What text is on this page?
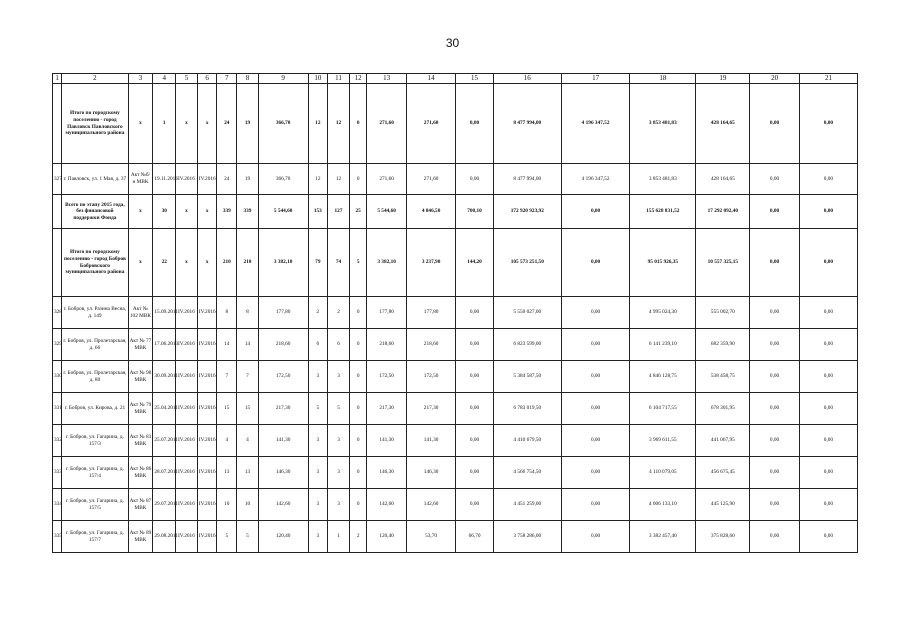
30
1	2	3	4	5	6	7	8	9	10	11	12	13	14	15	16	17	18	19	20	21
	Итого по городскому поселению - город Павловск Павловского муниципального района	x	1	x	x	24	19	366,70	12	12	0	271,60	271,60	0,00	8 477 994,00	4 196 347,52	3 853 481,83	428 164,65	0,00	0,00
327	г. Павловск, ул. 1 Мая, д. 37	Акт №б/н МВК	19.11.2016	IV.2016	IV.2016	24	19	366,70	12	12	0	271,60	271,60	0,00	8 477 994,00	4 196 347,52	3 853 481,83	428 164,65	0,00	0,00
	Всего по этапу 2015 года, без финансовой поддержки Фонда	x	30	x	x	339	339	5 544,60	153	127	25	5 544,60	4 846,50	700,10	172 920 923,92	0,00	155 628 831,52	17 292 092,40	0,00	0,00
	Итого по городскому поселению - город Бобров Бобровского муниципального района	x	22	x	x	210	210	3 382,10	79	74	5	3 382,10	3 237,90	144,20	105 573 251,50	0,00	95 015 926,35	10 557 325,15	0,00	0,00
328	г. Бобров, ул. Разина Весна, д. 149	Акт № 102 МВК	15.09.2011	IV.2016	IV.2016	8	8	177,80	2	2	0	177,80	177,80	0,00	5 550 027,00	0,00	4 995 024,30	555 002,70	0,00	0,00
329	г. Бобров, ул. Пролетарская, д. 66	Акт № 77 МВК	17.06.2013	IV.2016	IV.2016	14	14	218,60	6	6	0	218,60	218,60	0,00	6 823 599,00	0,00	6 141 239,10	682 359,90	0,00	0,00
330	г. Бобров, ул. Пролетарская, д. 80	Акт № 98 МВК	30.09.2011	IV.2016	IV.2016	7	7	172,50	3	3	0	172,50	172,50	0,00	5 384 587,50	0,00	4 846 128,75	538 458,75	0,00	0,00
331	г. Бобров, ул. Кирова, д. 21	Акт № 79 МВК	25.04.2011	IV.2016	IV.2016	15	15	217,30	5	5	0	217,30	217,30	0,00	6 783 019,50	0,00	6 104 717,55	678 301,95	0,00	0,00
332	г. Бобров, ул. Гагарина, д. 157/3	Акт № 83 МВК	25.07.2011	IV.2016	IV.2016	4	4	141,30	3	3	0	141,30	141,30	0,00	4 410 679,50	0,00	3 969 611,55	441 067,95	0,00	0,00
333	г. Бобров, ул. Гагарина, д. 157/4	Акт № 86 МВК	28.07.2011	IV.2016	IV.2016	13	13	146,30	3	3	0	146,30	146,30	0,00	4 566 754,50	0,00	4 110 079,05	456 675,45	0,00	0,00
334	г. Бобров, ул. Гагарина, д. 157/5	Акт № 87 МВК	29.07.2011	IV.2016	IV.2016	10	10	142,60	3	3	0	142,60	142,60	0,00	4 451 259,00	0,00	4 006 133,10	445 125,90	0,00	0,00
335	г. Бобров, ул. Гагарина, д. 157/7	Акт № 89 МВК	29.08.2011	IV.2016	IV.2016	5	5	120,40	3	1	2	120,40	53,70	66,70	3 758 286,00	0,00	3 382 457,40	375 828,60	0,00	0,00
